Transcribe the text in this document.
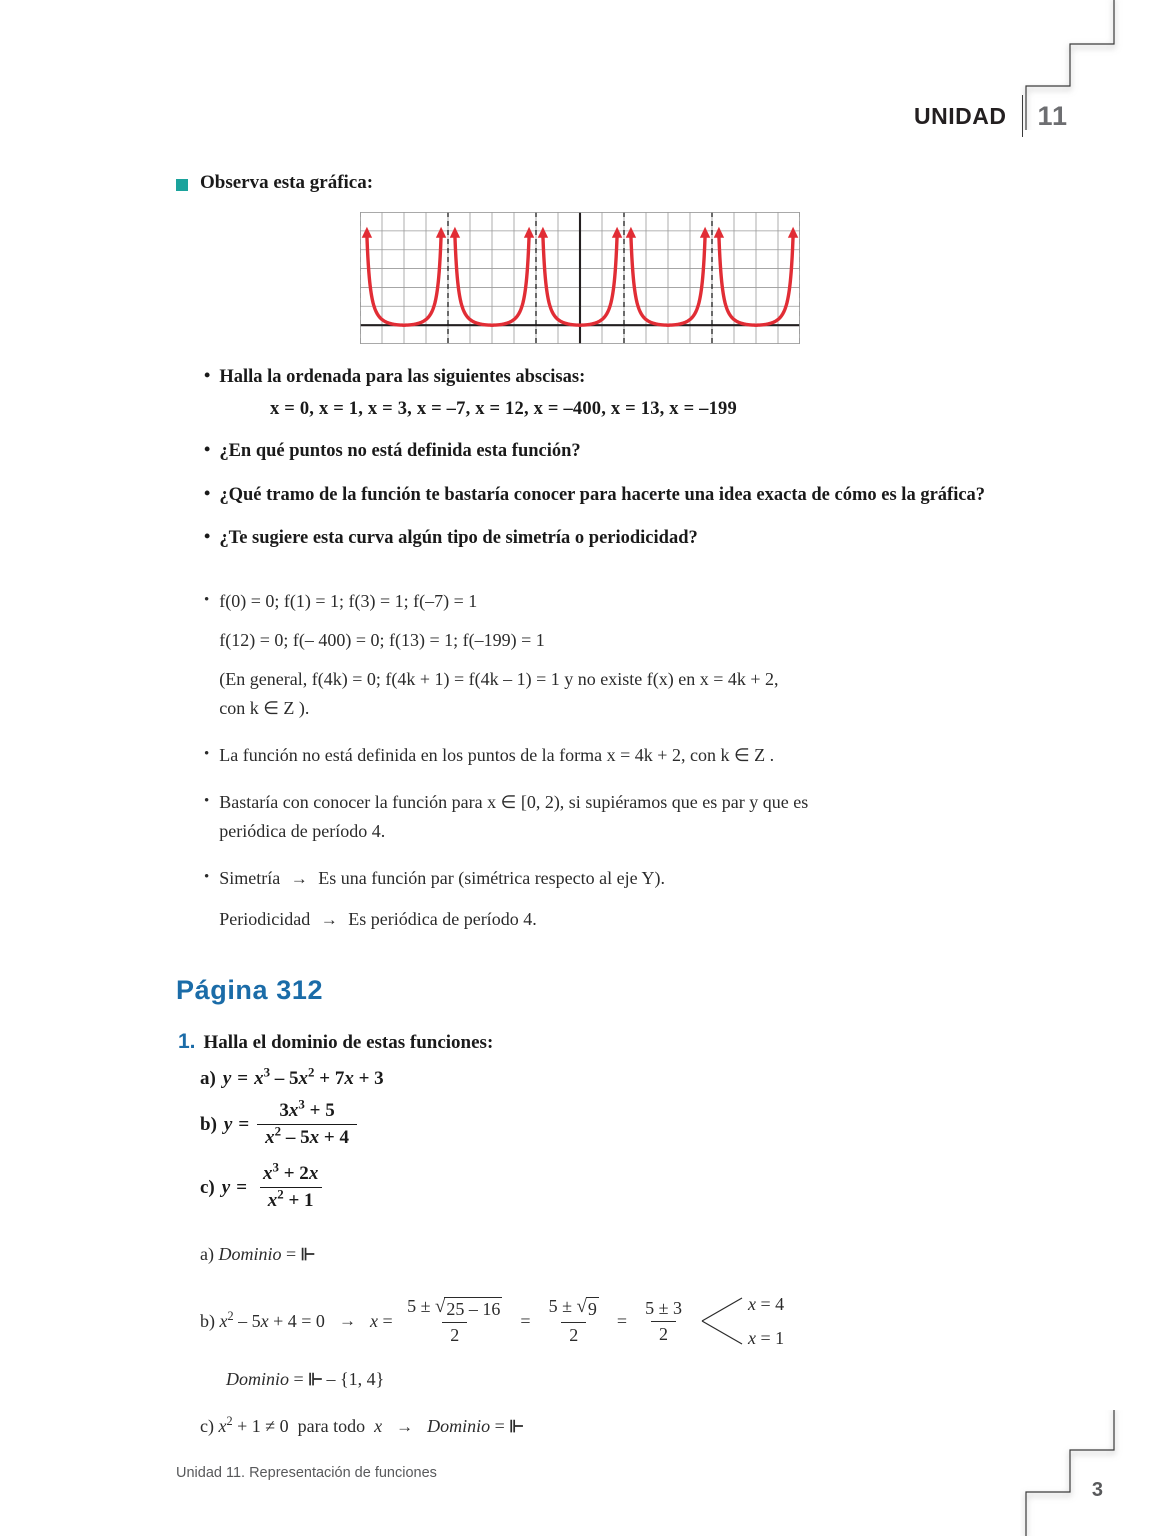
UNIDAD 11
Observa esta gráfica:
• Halla la ordenada para las siguientes abscisas:
x = 0, x = 1, x = 3, x = –7, x = 12, x = –400, x = 13, x = –199
• ¿En qué puntos no está definida esta función?
• ¿Qué tramo de la función te bastaría conocer para hacerte una idea exacta de cómo es la gráfica?
• ¿Te sugiere esta curva algún tipo de simetría o periodicidad?
• f(0) = 0; f(1) = 1; f(3) = 1; f(–7) = 1
f(12) = 0; f(– 400) = 0; f(13) = 1; f(–199) = 1
(En general, f(4k) = 0; f(4k + 1) = f(4k – 1) = 1 y no existe f(x) en x = 4k + 2,
con k ∈ Z ).
• La función no está definida en los puntos de la forma x = 4k + 2, con k ∈ Z .
• Bastaría con conocer la función para x ∈ [0, 2), si supiéramos que es par y que es
periódica de período 4.
• Simetría → Es una función par (simétrica respecto al eje Y).
Periodicidad → Es periódica de período 4.
Página 312
1. Halla el dominio de estas funciones:
a) $y = x^3 - 5x^2 + 7x + 3$
b) $y = \frac{3x^3 + 5}{x^2 - 5x + 4}$
c) $y = \frac{x^3 + 2x}{x^2 + 1}$
a) Dominio = ⊩
b) $x^2 - 5x + 4 = 0 \to x = \frac{5 \pm √ 25 - 16}{2} = \frac{5 \pm √ 9}{2} = \frac{5 \pm 3}{2}$	x = 4
x = 1
Dominio = ⊩ – {1, 4}
c) $x^2 + 1 \ne 0$ para todo x → Dominio = ⊩
Unidad 11. Representación de funciones
3
